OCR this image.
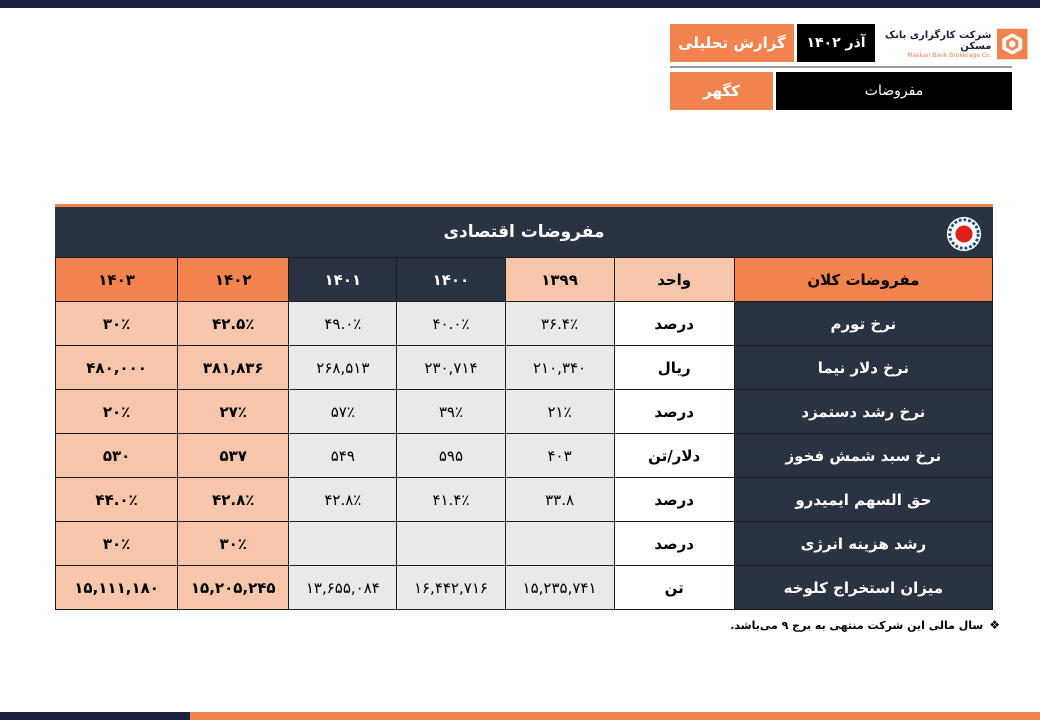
شرکت کارگزاری بانک مسکن
Maskan Bank Brokerage Co.
آذر ۱۴۰۲
گزارش تحلیلی
کگهر	مفروضات
مفروضات اقتصادی
مفروضات کلان	واحد	۱۳۹۹	۱۴۰۰	۱۴۰۱	۱۴۰۲	۱۴۰۳
نرخ تورم	درصد	۳۶.۴٪	۴۰.۰٪	۴۹.۰٪	۴۲.۵٪	۳۰٪
نرخ دلار نیما	ریال	۲۱۰,۳۴۰	۲۳۰,۷۱۴	۲۶۸,۵۱۳	۳۸۱,۸۳۶	۴۸۰,۰۰۰
نرخ رشد دستمزد	درصد	۲۱٪	۳۹٪	۵۷٪	۲۷٪	۲۰٪
نرخ سبد شمش فخوز	دلار/تن	۴۰۳	۵۹۵	۵۴۹	۵۳۷	۵۳۰
حق السهم ایمیدرو	درصد	۳۳.۸	۴۱.۴٪	۴۲.۸٪	۴۲.۸٪	۴۴.۰٪
رشد هزینه انرژی	درصد				۳۰٪	۳۰٪
میزان استخراج کلوخه	تن	۱۵,۲۳۵,۷۴۱	۱۶,۴۴۲,۷۱۶	۱۳,۶۵۵,۰۸۴	۱۵,۲۰۵,۲۴۵	۱۵,۱۱۱,۱۸۰
❖
سال مالی این شرکت منتهی به برج ۹ می‌باشد.
